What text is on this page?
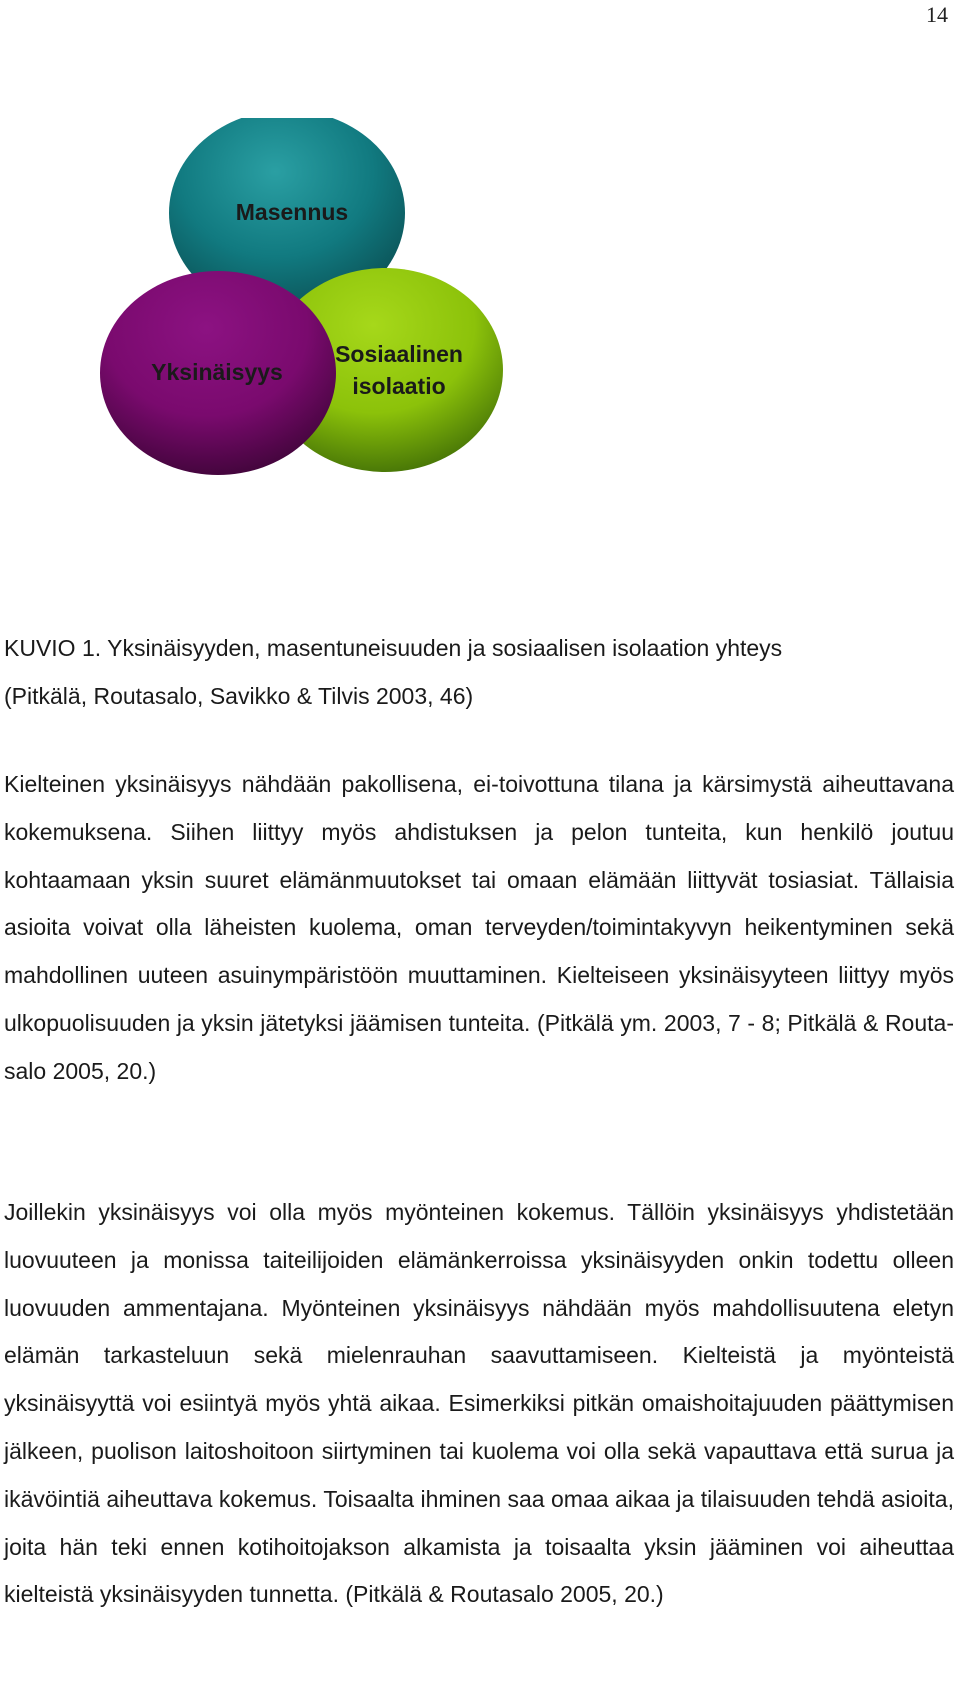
14
Masennus
Yksinäisyys
Sosiaalinen
isolaatio

KUVIO 1. Yksinäisyyden, masentuneisuuden ja sosiaalisen isolaation yhteys
(Pitkälä, Routasalo, Savikko & Tilvis 2003, 46)

Kielteinen yksinäisyys nähdään pakollisena, ei-toivottuna tilana ja kärsimystä aiheuttavana kokemuksena. Siihen liittyy myös ahdistuksen ja pelon tunteita, kun henkilö joutuu kohtaamaan yksin suuret elämänmuutokset tai omaan elämään liittyvät tosiasiat. Tällaisia asioita voivat olla läheisten kuolema, oman terveyden/toimintakyvyn heikentyminen sekä mahdollinen uuteen asuinympäristöön muuttaminen. Kielteiseen yksinäisyyteen liittyy myös ulkopuolisuuden ja yksin jätetyksi jäämisen tunteita. (Pitkälä ym. 2003, 7 - 8; Pitkälä & Routasalo 2005, 20.)

Joillekin yksinäisyys voi olla myös myönteinen kokemus. Tällöin yksinäisyys yhdistetään luovuuteen ja monissa taiteilijoiden elämänkerroissa yksinäisyyden onkin todettu olleen luovuuden ammentajana. Myönteinen yksinäisyys nähdään myös mahdollisuutena eletyn elämän tarkasteluun sekä mielenrauhan saavuttamiseen. Kielteistä ja myönteistä yksinäisyyttä voi esiintyä myös yhtä aikaa. Esimerkiksi pitkän omaishoitajuuden päättymisen jälkeen, puolison laitoshoitoon siirtyminen tai kuolema voi olla sekä vapauttava että surua ja ikävöintiä aiheuttava kokemus. Toisaalta ihminen saa omaa aikaa ja tilaisuuden tehdä asioita, joita hän teki ennen kotihoitojakson alkamista ja toisaalta yksin jääminen voi aiheuttaa kielteistä yksinäisyyden tunnetta. (Pitkälä & Routasalo 2005, 20.)
